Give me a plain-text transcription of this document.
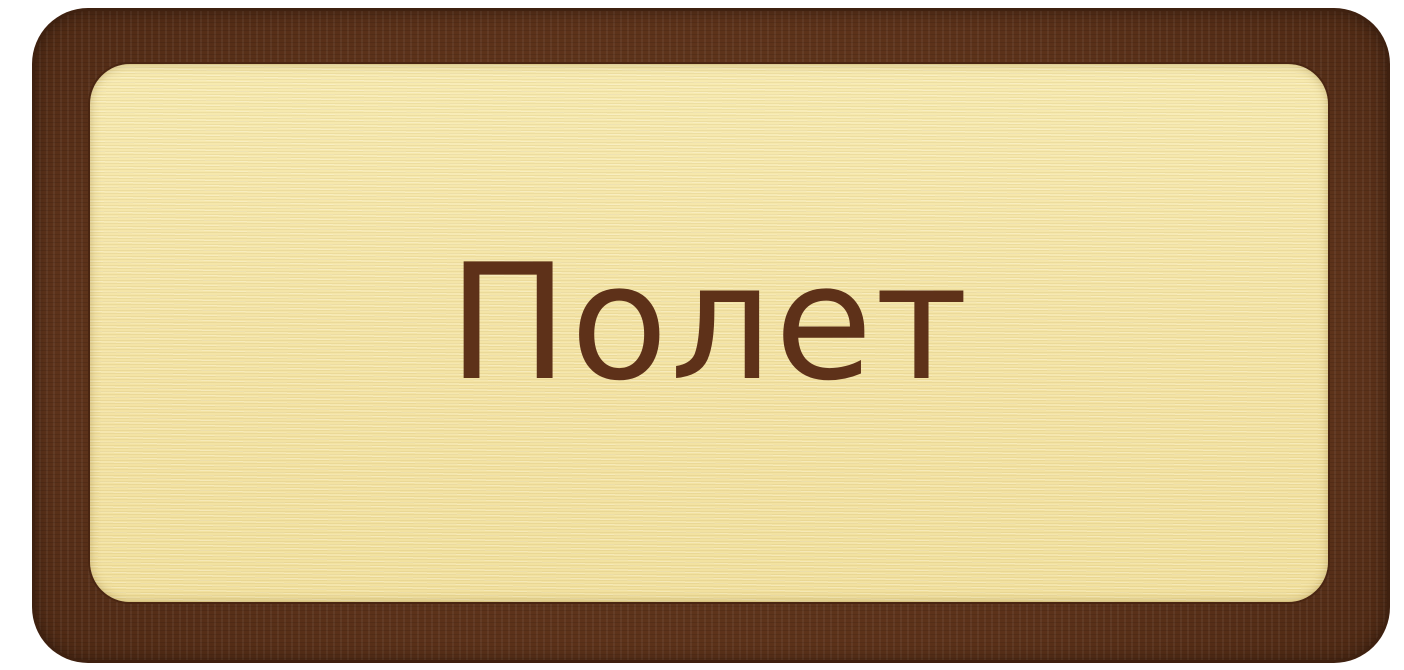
Полет
